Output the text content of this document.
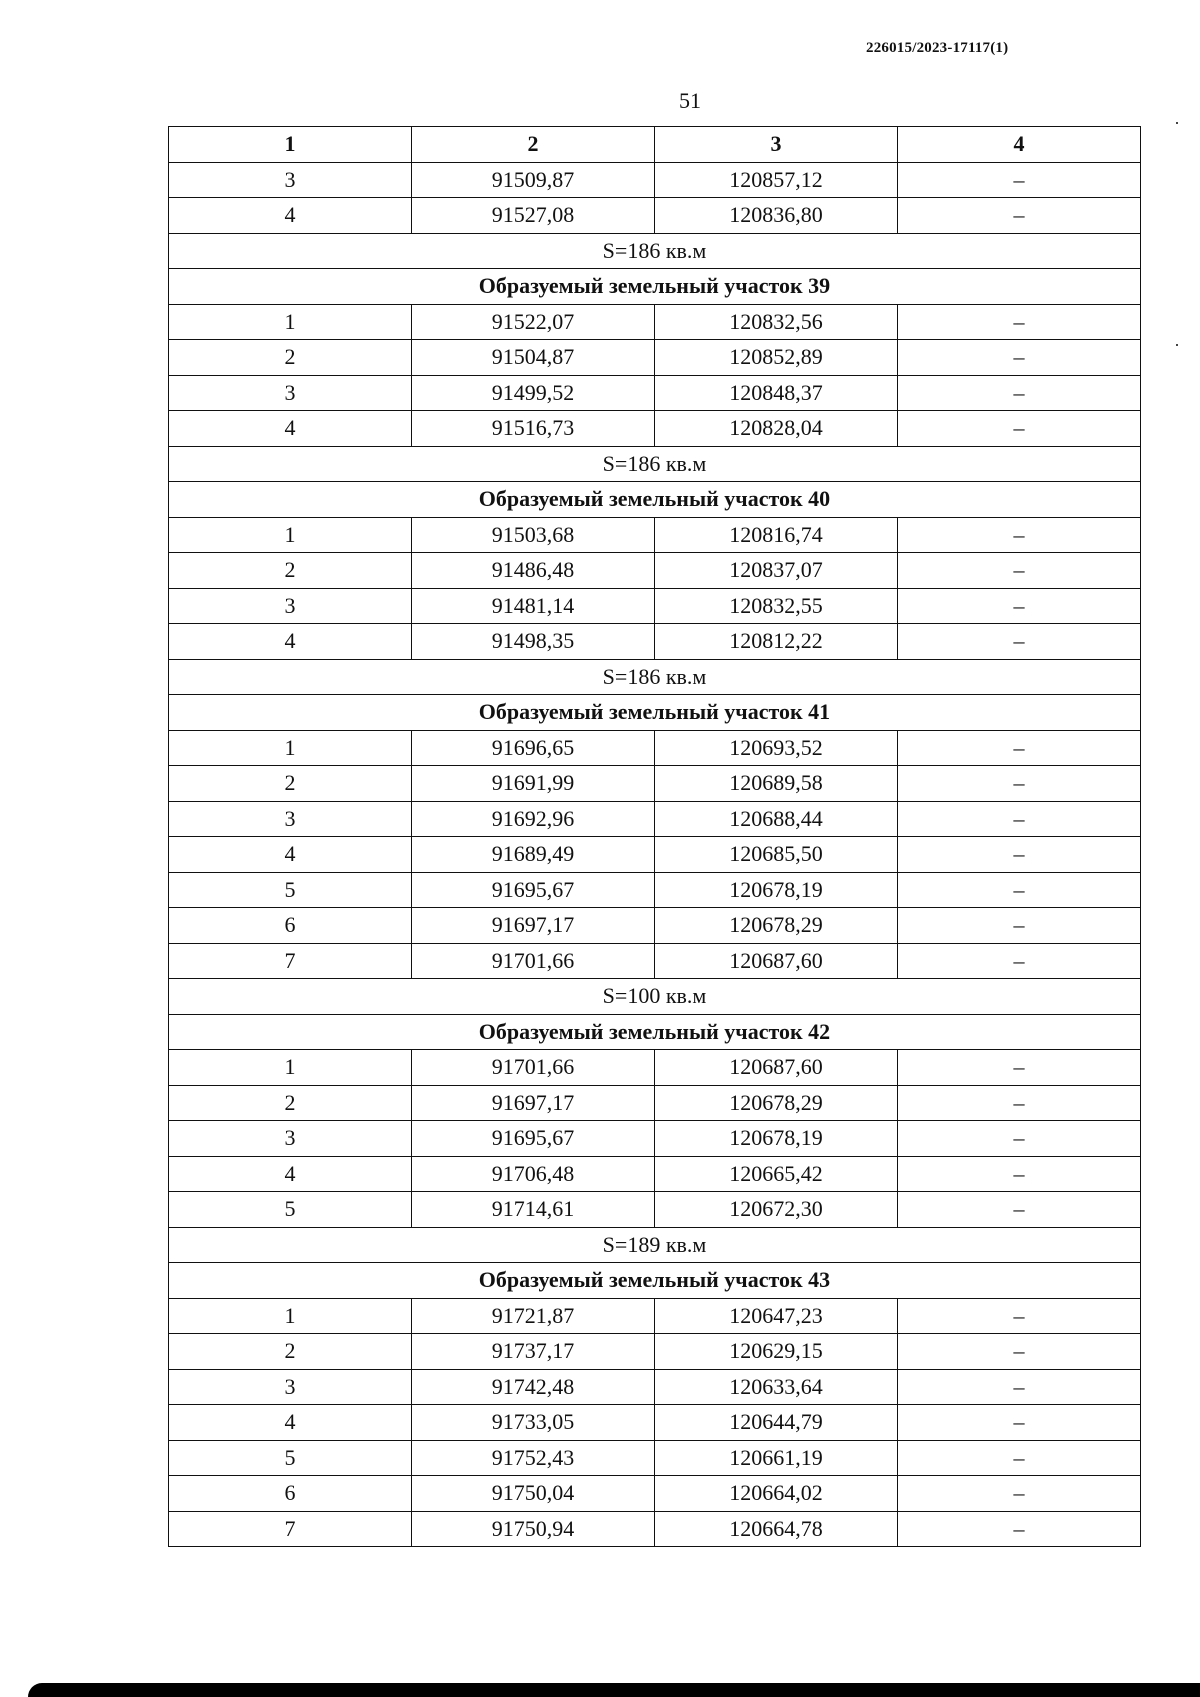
226015/2023-17117(1)
51
1	2	3	4
3	91509,87	120857,12	–
4	91527,08	120836,80	–
S=186 кв.м			
Образуемый земельный участок 39			
1	91522,07	120832,56	–
2	91504,87	120852,89	–
3	91499,52	120848,37	–
4	91516,73	120828,04	–
S=186 кв.м			
Образуемый земельный участок 40			
1	91503,68	120816,74	–
2	91486,48	120837,07	–
3	91481,14	120832,55	–
4	91498,35	120812,22	–
S=186 кв.м			
Образуемый земельный участок 41			
1	91696,65	120693,52	–
2	91691,99	120689,58	–
3	91692,96	120688,44	–
4	91689,49	120685,50	–
5	91695,67	120678,19	–
6	91697,17	120678,29	–
7	91701,66	120687,60	–
S=100 кв.м			
Образуемый земельный участок 42			
1	91701,66	120687,60	–
2	91697,17	120678,29	–
3	91695,67	120678,19	–
4	91706,48	120665,42	–
5	91714,61	120672,30	–
S=189 кв.м			
Образуемый земельный участок 43			
1	91721,87	120647,23	–
2	91737,17	120629,15	–
3	91742,48	120633,64	–
4	91733,05	120644,79	–
5	91752,43	120661,19	–
6	91750,04	120664,02	–
7	91750,94	120664,78	–
